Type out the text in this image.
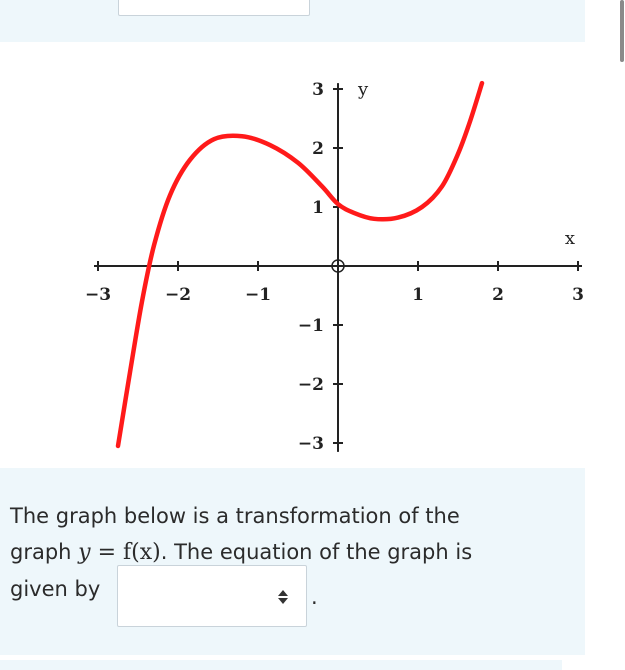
−3	−2	−1	1	2	3
3
2
1
−1
−2
−3
y
x
The graph below is a transformation of the
graph y = f(x). The equation of the graph is
given by	.
